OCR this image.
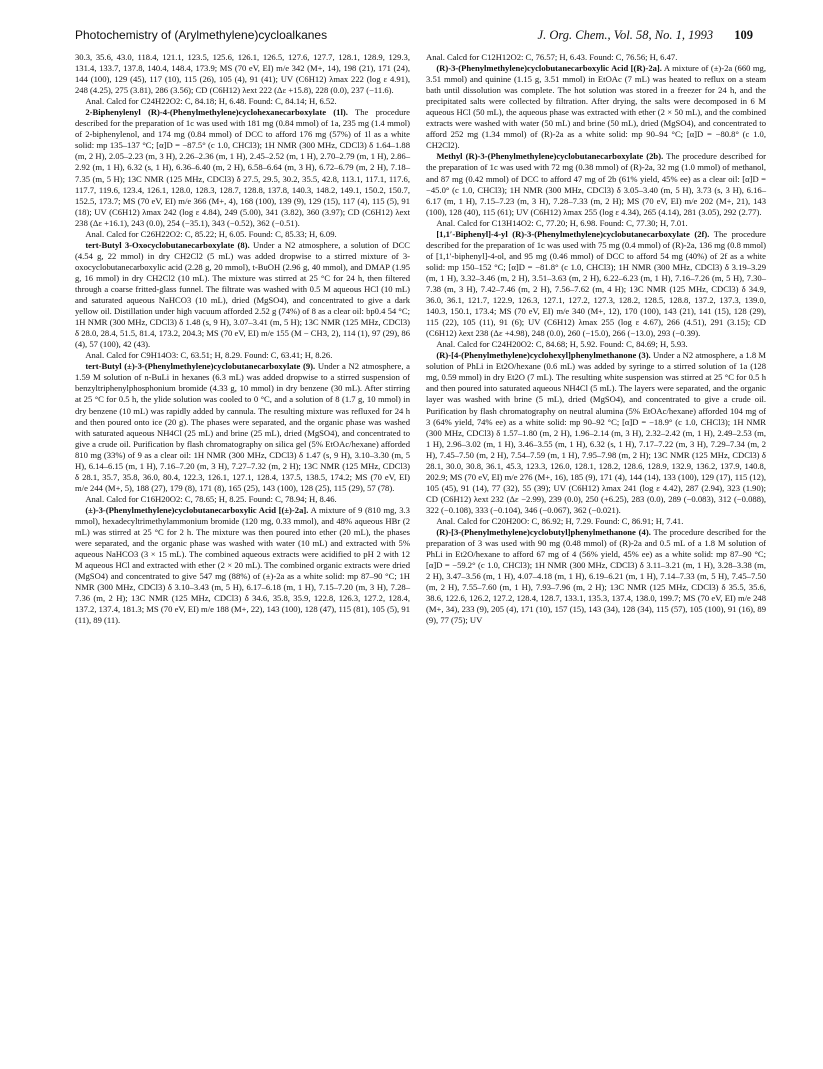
Photochemistry of (Arylmethylene)cycloalkanes	J. Org. Chem., Vol. 58, No. 1, 1993 109

30.3, 35.6, 43.0, 118.4, 121.1, 123.5, 125.6, 126.1, 126.5, 127.6, 127.7, 128.1, 128.9, 129.3, 131.4, 133.7, 137.8, 140.4, 148.4, 173.9; MS (70 eV, EI) m/e 342 (M+, 14), 198 (21), 171 (24), 144 (100), 129 (45), 117 (10), 115 (26), 105 (4), 91 (41); UV (C6H12) λmax 222 (log ε 4.91), 248 (4.25), 275 (3.81), 286 (3.56); CD (C6H12) λext 222 (Δε +15.8), 228 (0.0), 237 (−11.6).

Anal. Calcd for C24H22O2: C, 84.18; H, 6.48. Found: C, 84.14; H, 6.52.

2-Biphenylenyl (R)-4-(Phenylmethylene)cyclohexanecarboxylate (1l). The procedure described for the preparation of 1c was used with 181 mg (0.84 mmol) of 1a, 235 mg (1.4 mmol) of 2-biphenylenol, and 174 mg (0.84 mmol) of DCC to afford 176 mg (57%) of 1l as a white solid: mp 135–137 °C; [α]D = −87.5° (c 1.0, CHCl3); 1H NMR (300 MHz, CDCl3) δ 1.64–1.88 (m, 2 H), 2.05–2.23 (m, 3 H), 2.26–2.36 (m, 1 H), 2.45–2.52 (m, 1 H), 2.70–2.79 (m, 1 H), 2.86–2.92 (m, 1 H), 6.32 (s, 1 H), 6.36–6.40 (m, 2 H), 6.58–6.64 (m, 3 H), 6.72–6.79 (m, 2 H), 7.18–7.35 (m, 5 H); 13C NMR (125 MHz, CDCl3) δ 27.5, 29.5, 30.2, 35.5, 42.8, 113.1, 117.1, 117.6, 117.7, 119.6, 123.4, 126.1, 128.0, 128.3, 128.7, 128.8, 137.8, 140.3, 148.2, 149.1, 150.2, 150.7, 152.5, 173.7; MS (70 eV, EI) m/e 366 (M+, 4), 168 (100), 139 (9), 129 (15), 117 (4), 115 (5), 91 (18); UV (C6H12) λmax 242 (log ε 4.84), 249 (5.00), 341 (3.82), 360 (3.97); CD (C6H12) λext 238 (Δε +16.1), 243 (0.0), 254 (−35.1), 343 (−0.52), 362 (−0.51).

Anal. Calcd for C26H22O2: C, 85.22; H, 6.05. Found: C, 85.33; H, 6.09.

tert-Butyl 3-Oxocyclobutanecarboxylate (8). Under a N2 atmosphere, a solution of DCC (4.54 g, 22 mmol) in dry CH2Cl2 (5 mL) was added dropwise to a stirred mixture of 3-oxocyclobutanecarboxylic acid (2.28 g, 20 mmol), t-BuOH (2.96 g, 40 mmol), and DMAP (1.95 g, 16 mmol) in dry CH2Cl2 (10 mL). The mixture was stirred at 25 °C for 24 h, then filtered through a coarse fritted-glass funnel. The filtrate was washed with 0.5 M aqueous HCl (10 mL) and saturated aqueous NaHCO3 (10 mL), dried (MgSO4), and concentrated to give a dark yellow oil. Distillation under high vacuum afforded 2.52 g (74%) of 8 as a clear oil: bp0.4 54 °C; 1H NMR (300 MHz, CDCl3) δ 1.48 (s, 9 H), 3.07–3.41 (m, 5 H); 13C NMR (125 MHz, CDCl3) δ 28.0, 28.4, 51.5, 81.4, 173.2, 204.3; MS (70 eV, EI) m/e 155 (M − CH3, 2), 114 (1), 97 (29), 86 (4), 57 (100), 42 (43).

Anal. Calcd for C9H14O3: C, 63.51; H, 8.29. Found: C, 63.41; H, 8.26.

tert-Butyl (±)-3-(Phenylmethylene)cyclobutanecarboxylate (9). Under a N2 atmosphere, a 1.59 M solution of n-BuLi in hexanes (6.3 mL) was added dropwise to a stirred suspension of benzyltriphenylphosphonium bromide (4.33 g, 10 mmol) in dry benzene (30 mL). After stirring at 25 °C for 0.5 h, the ylide solution was cooled to 0 °C, and a solution of 8 (1.7 g, 10 mmol) in dry benzene (10 mL) was rapidly added by cannula. The resulting mixture was refluxed for 24 h and then poured onto ice (20 g). The phases were separated, and the organic phase was washed with saturated aqueous NH4Cl (25 mL) and brine (25 mL), dried (MgSO4), and concentrated to give a crude oil. Purification by flash chromatography on silica gel (5% EtOAc/hexane) afforded 810 mg (33%) of 9 as a clear oil: 1H NMR (300 MHz, CDCl3) δ 1.47 (s, 9 H), 3.10–3.30 (m, 5 H), 6.14–6.15 (m, 1 H), 7.16–7.20 (m, 3 H), 7.27–7.32 (m, 2 H); 13C NMR (125 MHz, CDCl3) δ 28.1, 35.7, 35.8, 36.0, 80.4, 122.3, 126.1, 127.1, 128.4, 137.5, 138.5, 174.2; MS (70 eV, EI) m/e 244 (M+, 5), 188 (27), 179 (8), 171 (8), 165 (25), 143 (100), 128 (25), 115 (29), 57 (78).

Anal. Calcd for C16H20O2: C, 78.65; H, 8.25. Found: C, 78.94; H, 8.46.

(±)-3-(Phenylmethylene)cyclobutanecarboxylic Acid [(±)-2a]. A mixture of 9 (810 mg, 3.3 mmol), hexadecyltrimethylammonium bromide (120 mg, 0.33 mmol), and 48% aqueous HBr (2 mL) was stirred at 25 °C for 2 h. The mixture was then poured into ether (20 mL), the phases were separated, and the organic phase was washed with water (10 mL) and extracted with 5% aqueous NaHCO3 (3 × 15 mL). The combined aqueous extracts were acidified to pH 2 with 12 M aqueous HCl and extracted with ether (2 × 20 mL). The combined organic extracts were dried (MgSO4) and concentrated to give 547 mg (88%) of (±)-2a as a white solid: mp 87–90 °C; 1H NMR (300 MHz, CDCl3) δ 3.10–3.43 (m, 5 H), 6.17–6.18 (m, 1 H), 7.15–7.20 (m, 3 H), 7.28–7.36 (m, 2 H); 13C NMR (125 MHz, CDCl3) δ 34.6, 35.8, 35.9, 122.8, 126.3, 127.2, 128.4, 137.2, 137.4, 181.3; MS (70 eV, EI) m/e 188 (M+, 22), 143 (100), 128 (47), 115 (81), 105 (5), 91 (11), 89 (11).

Anal. Calcd for C12H12O2: C, 76.57; H, 6.43. Found: C, 76.56; H, 6.47.

(R)-3-(Phenylmethylene)cyclobutanecarboxylic Acid [(R)-2a]. A mixture of (±)-2a (660 mg, 3.51 mmol) and quinine (1.15 g, 3.51 mmol) in EtOAc (7 mL) was heated to reflux on a steam bath until dissolution was complete. The hot solution was stored in a freezer for 24 h, and the precipitated salts were collected by filtration. After drying, the salts were decomposed in 6 M aqueous HCl (50 mL), the aqueous phase was extracted with ether (2 × 50 mL), and the combined extracts were washed with water (50 mL) and brine (50 mL), dried (MgSO4), and concentrated to afford 252 mg (1.34 mmol) of (R)-2a as a white solid: mp 90–94 °C; [α]D = −80.8° (c 1.0, CH2Cl2).

Methyl (R)-3-(Phenylmethylene)cyclobutanecarboxylate (2b). The procedure described for the preparation of 1c was used with 72 mg (0.38 mmol) of (R)-2a, 32 mg (1.0 mmol) of methanol, and 87 mg (0.42 mmol) of DCC to afford 47 mg of 2b (61% yield, 45% ee) as a clear oil: [α]D = −45.0° (c 1.0, CHCl3); 1H NMR (300 MHz, CDCl3) δ 3.05–3.40 (m, 5 H), 3.73 (s, 3 H), 6.16–6.17 (m, 1 H), 7.15–7.23 (m, 3 H), 7.28–7.33 (m, 2 H); MS (70 eV, EI) m/e 202 (M+, 21), 143 (100), 128 (40), 115 (61); UV (C6H12) λmax 255 (log ε 4.34), 265 (4.14), 281 (3.05), 292 (2.77).

Anal. Calcd for C13H14O2: C, 77.20; H, 6.98. Found: C, 77.30; H, 7.01.

[1,1′-Biphenyl]-4-yl (R)-3-(Phenylmethylene)cyclobutanecarboxylate (2f). The procedure described for the preparation of 1c was used with 75 mg (0.4 mmol) of (R)-2a, 136 mg (0.8 mmol) of [1,1′-biphenyl]-4-ol, and 95 mg (0.46 mmol) of DCC to afford 54 mg (40%) of 2f as a white solid: mp 150–152 °C; [α]D = −81.8° (c 1.0, CHCl3); 1H NMR (300 MHz, CDCl3) δ 3.19–3.29 (m, 1 H), 3.32–3.46 (m, 2 H), 3.51–3.63 (m, 2 H), 6.22–6.23 (m, 1 H), 7.16–7.26 (m, 5 H), 7.30–7.38 (m, 3 H), 7.42–7.46 (m, 2 H), 7.56–7.62 (m, 4 H); 13C NMR (125 MHz, CDCl3) δ 34.9, 36.0, 36.1, 121.7, 122.9, 126.3, 127.1, 127.2, 127.3, 128.2, 128.5, 128.8, 137.2, 137.3, 139.0, 140.3, 150.1, 173.4; MS (70 eV, EI) m/e 340 (M+, 12), 170 (100), 143 (21), 141 (15), 128 (29), 115 (22), 105 (11), 91 (6); UV (C6H12) λmax 255 (log ε 4.67), 266 (4.51), 291 (3.15); CD (C6H12) λext 238 (Δε +4.98), 248 (0.0), 260 (−15.0), 266 (−13.0), 293 (−0.39).

Anal. Calcd for C24H20O2: C, 84.68; H, 5.92. Found: C, 84.69; H, 5.93.

(R)-[4-(Phenylmethylene)cyclohexyl]phenylmethanone (3). Under a N2 atmosphere, a 1.8 M solution of PhLi in Et2O/hexane (0.6 mL) was added by syringe to a stirred solution of 1a (128 mg, 0.59 mmol) in dry Et2O (7 mL). The resulting white suspension was stirred at 25 °C for 0.5 h and then poured into saturated aqueous NH4Cl (5 mL). The layers were separated, and the organic layer was washed with brine (5 mL), dried (MgSO4), and concentrated to give a crude oil. Purification by flash chromatography on neutral alumina (5% EtOAc/hexane) afforded 104 mg of 3 (64% yield, 74% ee) as a white solid: mp 90–92 °C; [α]D = −18.9° (c 1.0, CHCl3); 1H NMR (300 MHz, CDCl3) δ 1.57–1.80 (m, 2 H), 1.96–2.14 (m, 3 H), 2.32–2.42 (m, 1 H), 2.49–2.53 (m, 1 H), 2.96–3.02 (m, 1 H), 3.46–3.55 (m, 1 H), 6.32 (s, 1 H), 7.17–7.22 (m, 3 H), 7.29–7.34 (m, 2 H), 7.45–7.50 (m, 2 H), 7.54–7.59 (m, 1 H), 7.95–7.98 (m, 2 H); 13C NMR (125 MHz, CDCl3) δ 28.1, 30.0, 30.8, 36.1, 45.3, 123.3, 126.0, 128.1, 128.2, 128.6, 128.9, 132.9, 136.2, 137.9, 140.8, 202.9; MS (70 eV, EI) m/e 276 (M+, 16), 185 (9), 171 (4), 144 (14), 133 (100), 129 (17), 115 (12), 105 (45), 91 (14), 77 (32), 55 (39); UV (C6H12) λmax 241 (log ε 4.42), 287 (2.94), 323 (1.90); CD (C6H12) λext 232 (Δε −2.99), 239 (0.0), 250 (+6.25), 283 (0.0), 289 (−0.083), 312 (−0.088), 322 (−0.108), 333 (−0.104), 346 (−0.067), 362 (−0.021).

Anal. Calcd for C20H20O: C, 86.92; H, 7.29. Found: C, 86.91; H, 7.41.

(R)-[3-(Phenylmethylene)cyclobutyl]phenylmethanone (4). The procedure described for the preparation of 3 was used with 90 mg (0.48 mmol) of (R)-2a and 0.5 mL of a 1.8 M solution of PhLi in Et2O/hexane to afford 67 mg of 4 (56% yield, 45% ee) as a white solid: mp 87–90 °C; [α]D = −59.2° (c 1.0, CHCl3); 1H NMR (300 MHz, CDCl3) δ 3.11–3.21 (m, 1 H), 3.28–3.38 (m, 2 H), 3.47–3.56 (m, 1 H), 4.07–4.18 (m, 1 H), 6.19–6.21 (m, 1 H), 7.14–7.33 (m, 5 H), 7.45–7.50 (m, 2 H), 7.55–7.60 (m, 1 H), 7.93–7.96 (m, 2 H); 13C NMR (125 MHz, CDCl3) δ 35.5, 35.6, 38.6, 122.6, 126.2, 127.2, 128.4, 128.7, 133.1, 135.3, 137.4, 138.0, 199.7; MS (70 eV, EI) m/e 248 (M+, 34), 233 (9), 205 (4), 171 (10), 157 (15), 143 (34), 128 (34), 115 (57), 105 (100), 91 (16), 89 (9), 77 (75); UV
